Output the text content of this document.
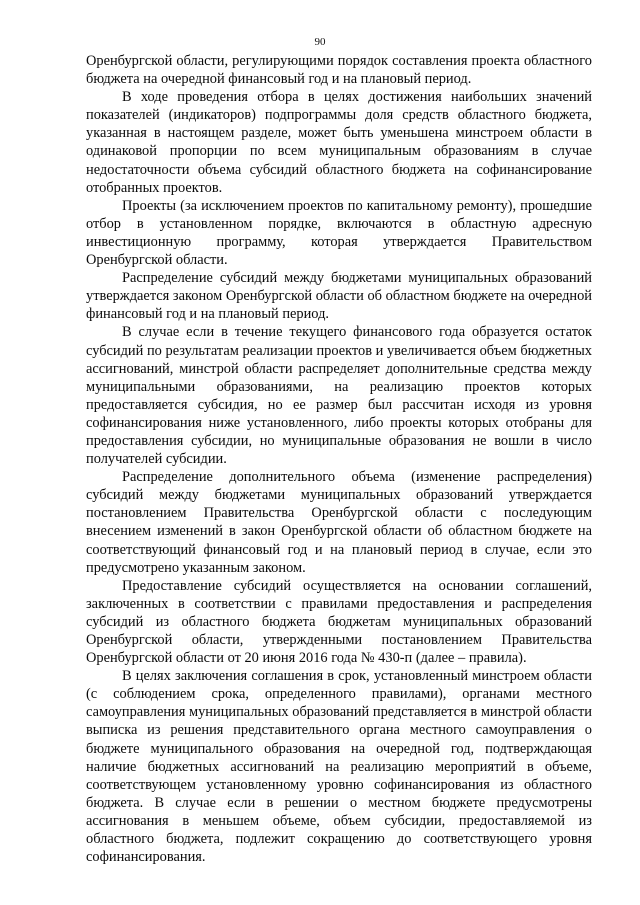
90

Оренбургской области, регулирующими порядок составления проекта областного бюджета на очередной финансовый год и на плановый период.

В ходе проведения отбора в целях достижения наибольших значений показателей (индикаторов) подпрограммы доля средств областного бюджета, указанная в настоящем разделе, может быть уменьшена минстроем области в одинаковой пропорции по всем муниципальным образованиям в случае недостаточности объема субсидий областного бюджета на софинансирование отобранных проектов.

Проекты (за исключением проектов по капитальному ремонту), прошедшие отбор в установленном порядке, включаются в областную адресную инвестиционную программу, которая утверждается Правительством Оренбургской области.

Распределение субсидий между бюджетами муниципальных образований утверждается законом Оренбургской области об областном бюджете на очередной финансовый год и на плановый период.

В случае если в течение текущего финансового года образуется остаток субсидий по результатам реализации проектов и увеличивается объем бюджетных ассигнований, минстрой области распределяет дополнительные средства между муниципальными образованиями, на реализацию проектов которых предоставляется субсидия, но ее размер был рассчитан исходя из уровня софинансирования ниже установленного, либо проекты которых отобраны для предоставления субсидии, но муниципальные образования не вошли в число получателей субсидии.

Распределение дополнительного объема (изменение распределения) субсидий между бюджетами муниципальных образований утверждается постановлением Правительства Оренбургской области с последующим внесением изменений в закон Оренбургской области об областном бюджете на соответствующий финансовый год и на плановый период в случае, если это предусмотрено указанным законом.

Предоставление субсидий осуществляется на основании соглашений, заключенных в соответствии с правилами предоставления и распределения субсидий из областного бюджета бюджетам муниципальных образований Оренбургской области, утвержденными постановлением Правительства Оренбургской области от 20 июня 2016 года № 430-п (далее – правила).

В целях заключения соглашения в срок, установленный минстроем области (с соблюдением срока, определенного правилами), органами местного самоуправления муниципальных образований представляется в минстрой области выписка из решения представительного органа местного самоуправления о бюджете муниципального образования на очередной год, подтверждающая наличие бюджетных ассигнований на реализацию мероприятий в объеме, соответствующем установленному уровню софинансирования из областного бюджета. В случае если в решении о местном бюджете предусмотрены ассигнования в меньшем объеме, объем субсидии, предоставляемой из областного бюджета, подлежит сокращению до соответствующего уровня софинансирования.
